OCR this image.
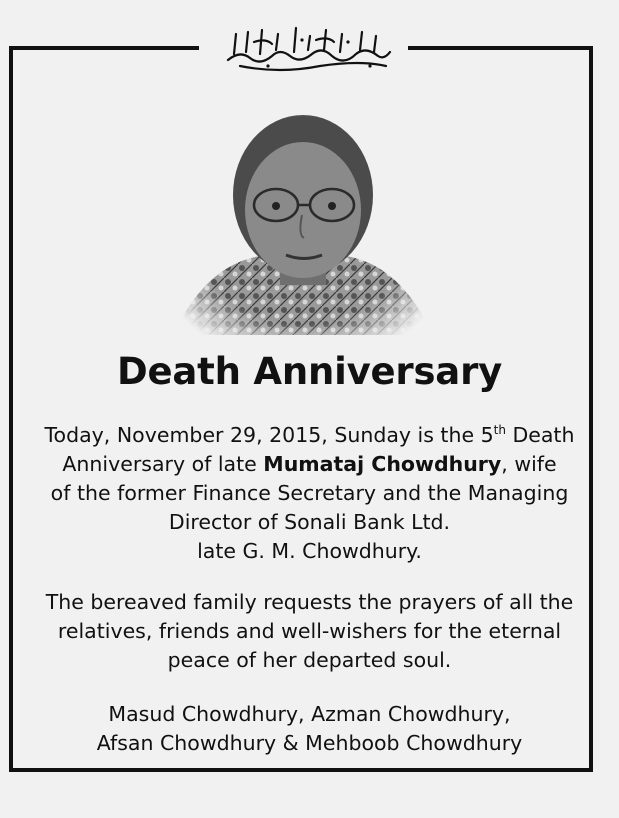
Death Anniversary
Today, November 29, 2015, Sunday is the 5th Death
Anniversary of late Mumataj Chowdhury, wife
of the former Finance Secretary and the Managing
Director of Sonali Bank Ltd.
late G. M. Chowdhury.
The bereaved family requests the prayers of all the
relatives, friends and well-wishers for the eternal
peace of her departed soul.
Masud Chowdhury, Azman Chowdhury,
Afsan Chowdhury & Mehboob Chowdhury
